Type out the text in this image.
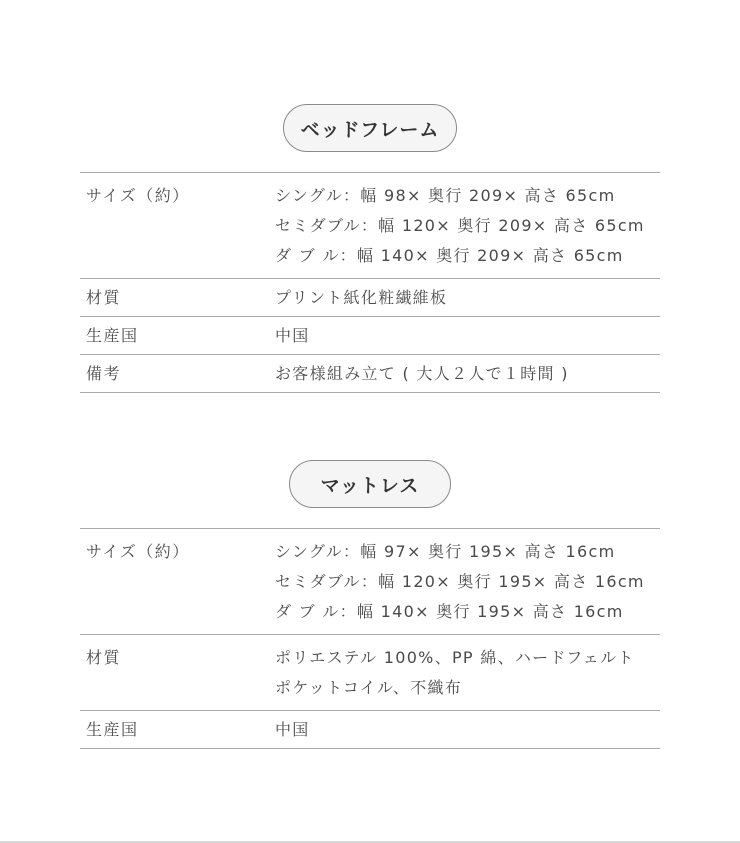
ベッドフレーム
サイズ（約）	シングル：幅 98× 奥行 209× 高さ 65cm
セミダブル：幅 120× 奥行 209× 高さ 65cm
ダ ブ ル：幅 140× 奥行 209× 高さ 65cm
材質	プリント紙化粧繊維板
生産国	中国
備考	お客様組み立て ( 大人２人で１時間 )
マットレス
サイズ（約）	シングル：幅 97× 奥行 195× 高さ 16cm
セミダブル：幅 120× 奥行 195× 高さ 16cm
ダ ブ ル：幅 140× 奥行 195× 高さ 16cm
材質	ポリエステル 100%、PP 綿、ハードフェルト
ポケットコイル、不織布
生産国	中国
